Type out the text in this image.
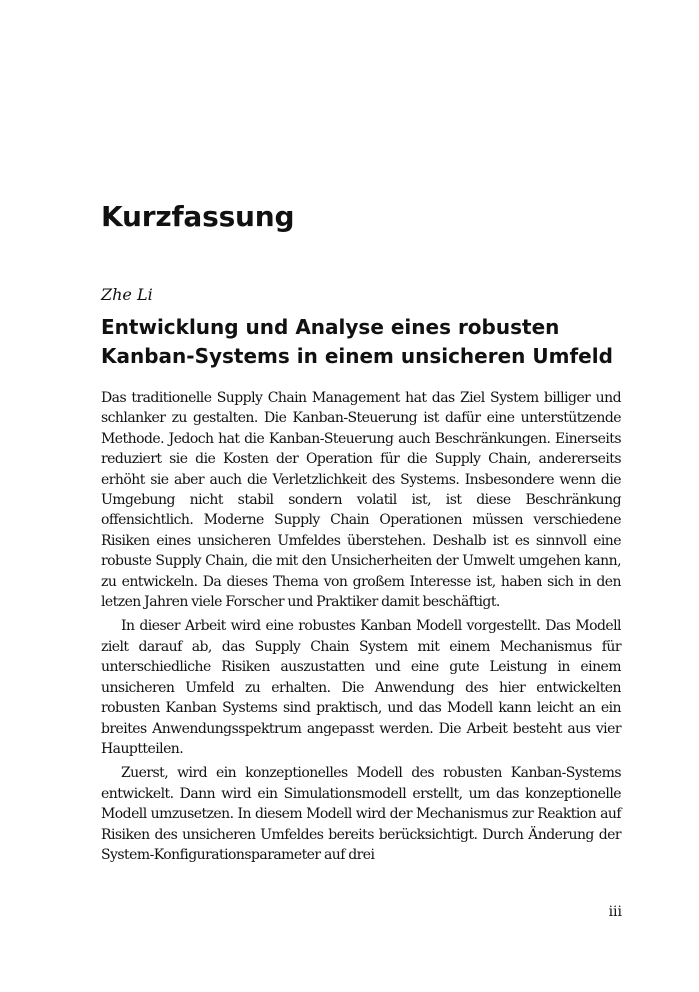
Kurzfassung
Zhe Li
Entwicklung und Analyse eines robusten
Kanban-Systems in einem unsicheren Umfeld

Das traditionelle Supply Chain Management hat das Ziel System billiger und schlanker zu gestalten. Die Kanban-Steuerung ist dafür eine unterstützende Methode. Jedoch hat die Kanban-Steuerung auch Beschränkungen. Einerseits reduziert sie die Kosten der Operation für die Supply Chain, andererseits erhöht sie aber auch die Verletzlichkeit des Systems. Insbesondere wenn die Umgebung nicht stabil sondern volatil ist, ist diese Beschränkung offensichtlich. Moderne Supply Chain Operationen müssen verschiedene Risiken eines unsicheren Umfeldes überstehen. Deshalb ist es sinnvoll eine robuste Supply Chain, die mit den Unsicherheiten der Umwelt umgehen kann, zu entwickeln. Da dieses Thema von großem Interesse ist, haben sich in den letzen Jahren viele Forscher und Praktiker damit beschäftigt.

In dieser Arbeit wird eine robustes Kanban Modell vorgestellt. Das Modell zielt darauf ab, das Supply Chain System mit einem Mechanismus für unterschiedliche Risiken auszustatten und eine gute Leistung in einem unsicheren Umfeld zu erhalten. Die Anwendung des hier entwickelten robusten Kanban Systems sind praktisch, und das Modell kann leicht an ein breites Anwendungsspektrum angepasst werden. Die Arbeit besteht aus vier Hauptteilen.

Zuerst, wird ein konzeptionelles Modell des robusten Kanban-Systems entwickelt. Dann wird ein Simulationsmodell erstellt, um das konzeptionelle Modell umzusetzen. In diesem Modell wird der Mechanismus zur Reaktion auf Risiken des unsicheren Umfeldes bereits berücksichtigt. Durch Änderung der System-Konfigurationsparameter auf drei

iii
